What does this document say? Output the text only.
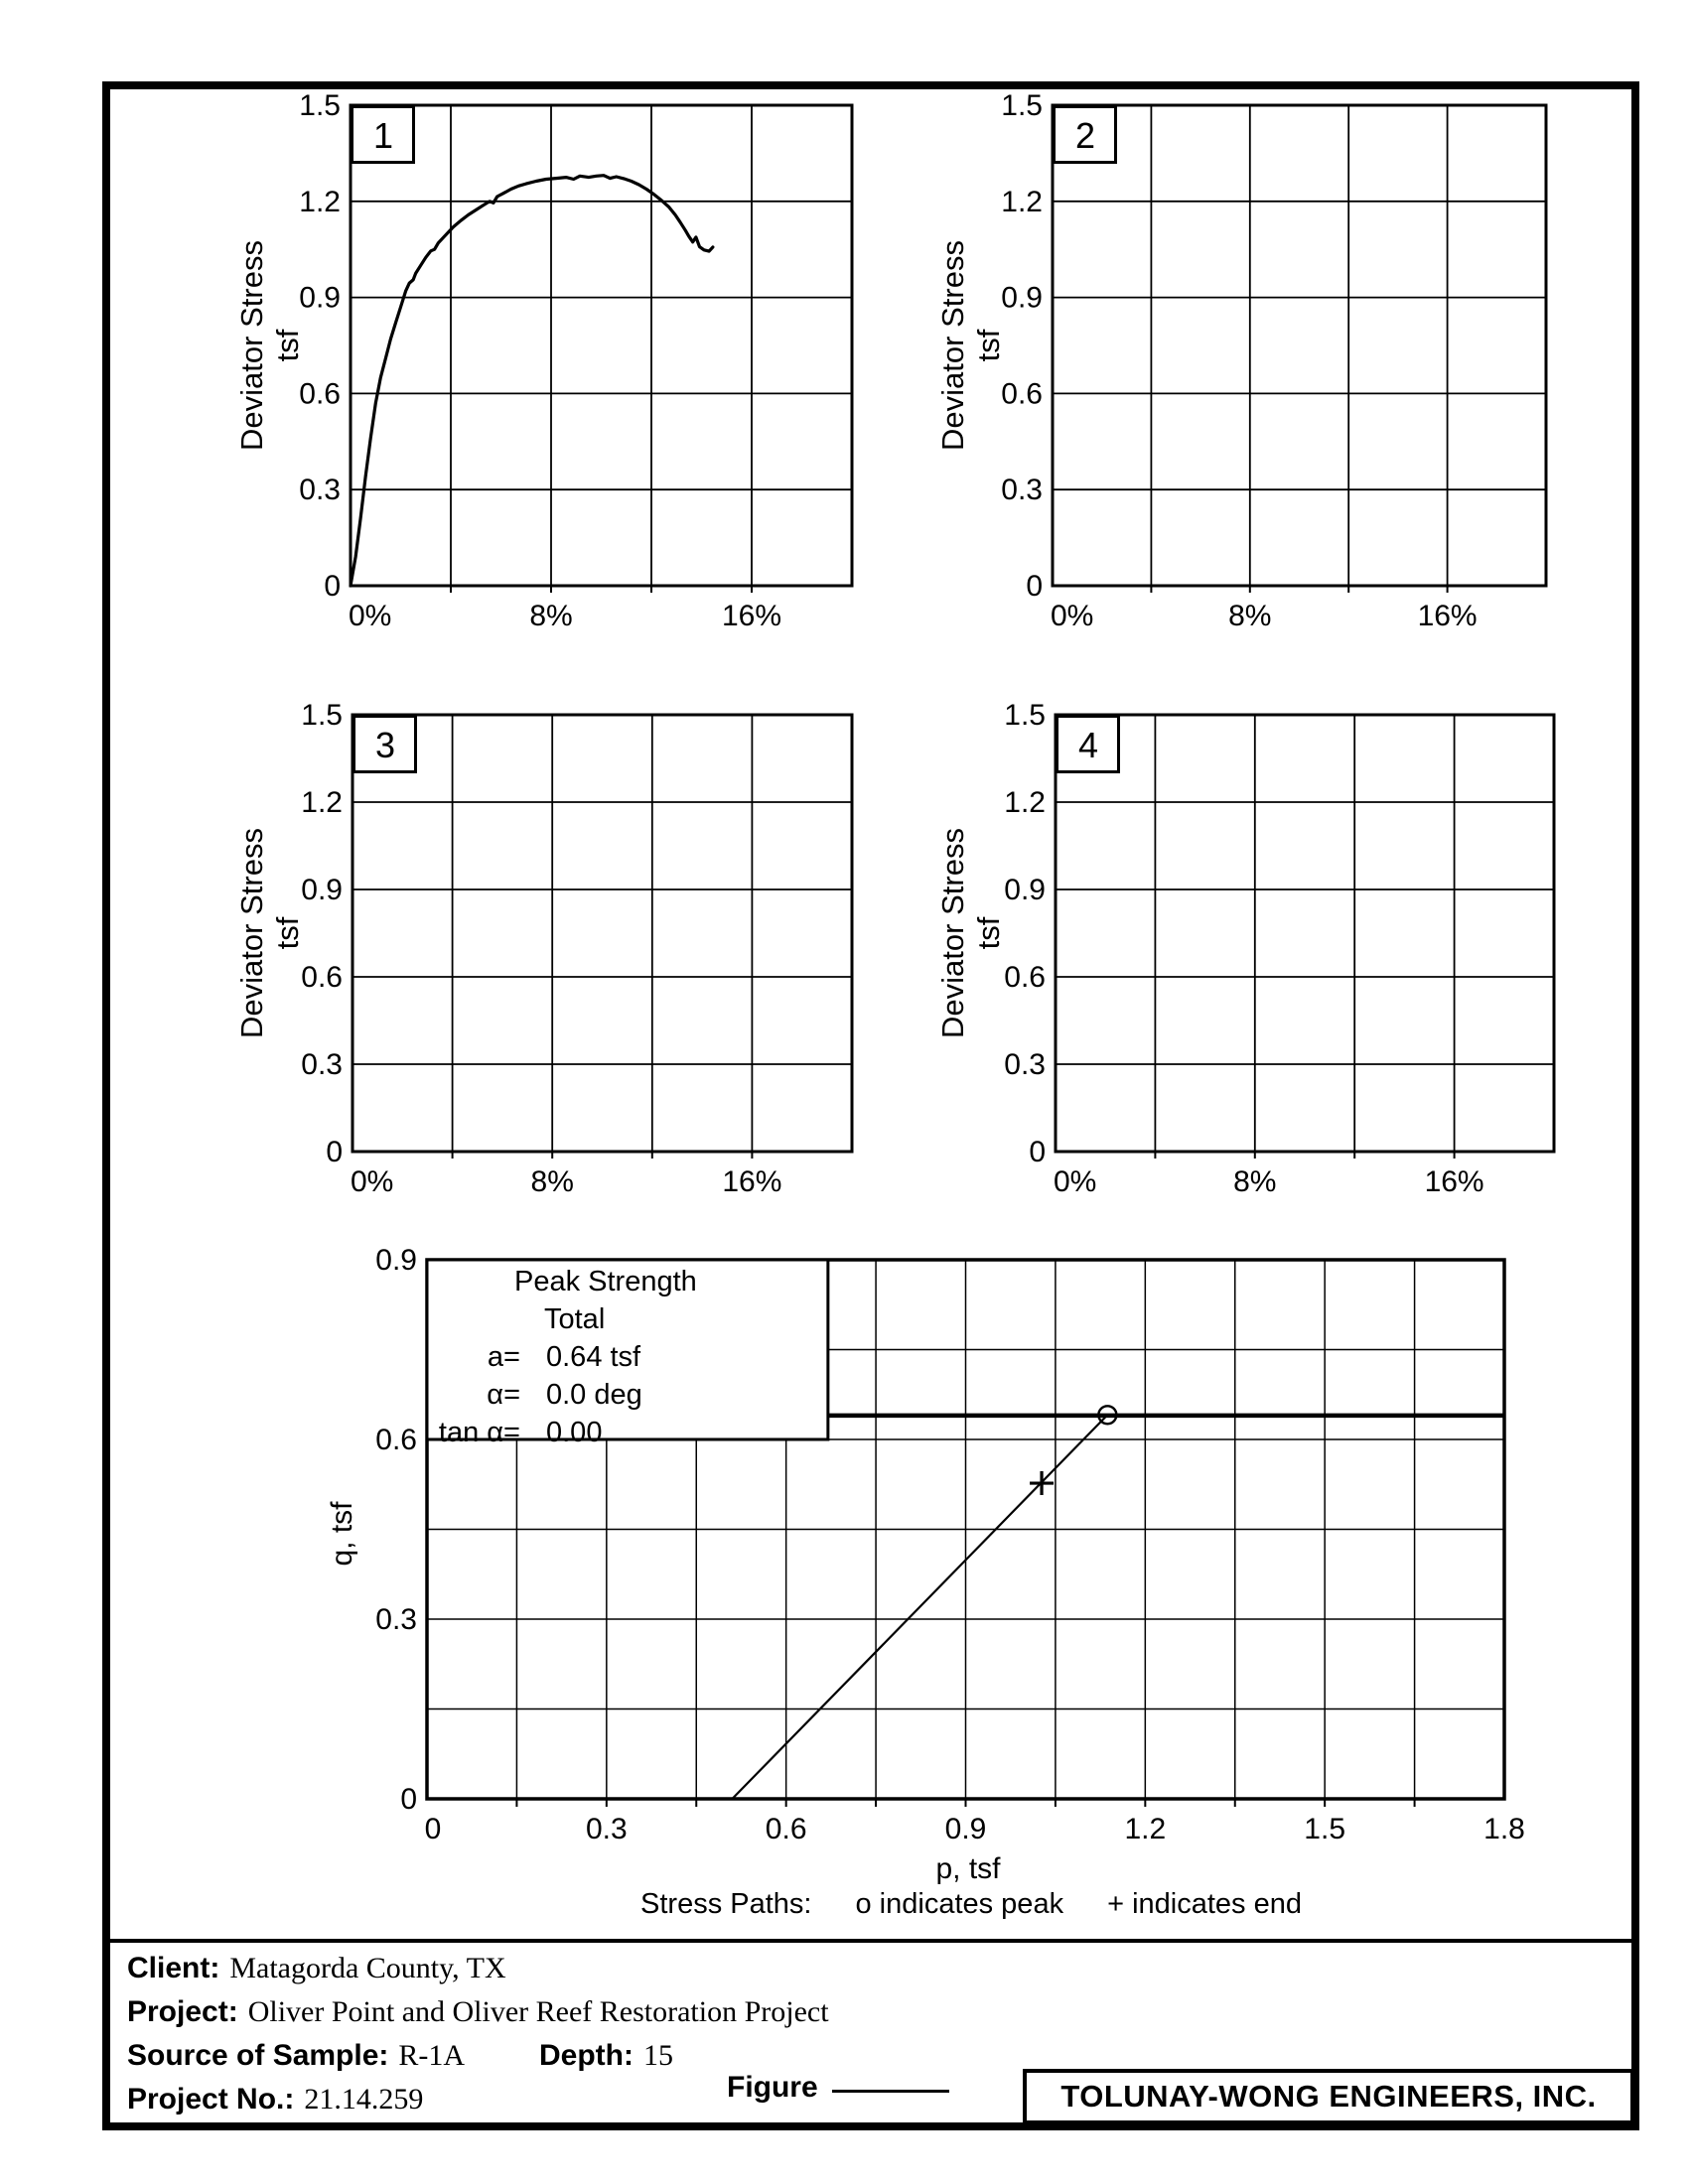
0%	8%	16%
0
0.3
0.6
0.9
1.2
1.5
1
0%	8%	16%
0
0.3
0.6
0.9
1.2
1.5
2
0%	8%	16%
0
0.3
0.6
0.9
1.2
1.5
3
0%	8%	16%
0
0.3
0.6
0.9
1.2
1.5
4
0	0.3	0.6	0.9	1.2	1.5	1.8
0
0.3
0.6
0.9
Deviator Stress tsf	Deviator Stress tsf
Deviator Stress tsf	Deviator Stress tsf
q, tsf
Peak Strength
Total
a= 0.64 tsf
α= 0.0 deg
tan α= 0.00
p, tsf
Stress Paths: o indicates peak + indicates end
Client: Matagorda County, TX
Project: Oliver Point and Oliver Reef Restoration Project
Source of Sample: R-1A Depth: 15
Project No.: 21.14.259	Figure	TOLUNAY-WONG ENGINEERS, INC.
